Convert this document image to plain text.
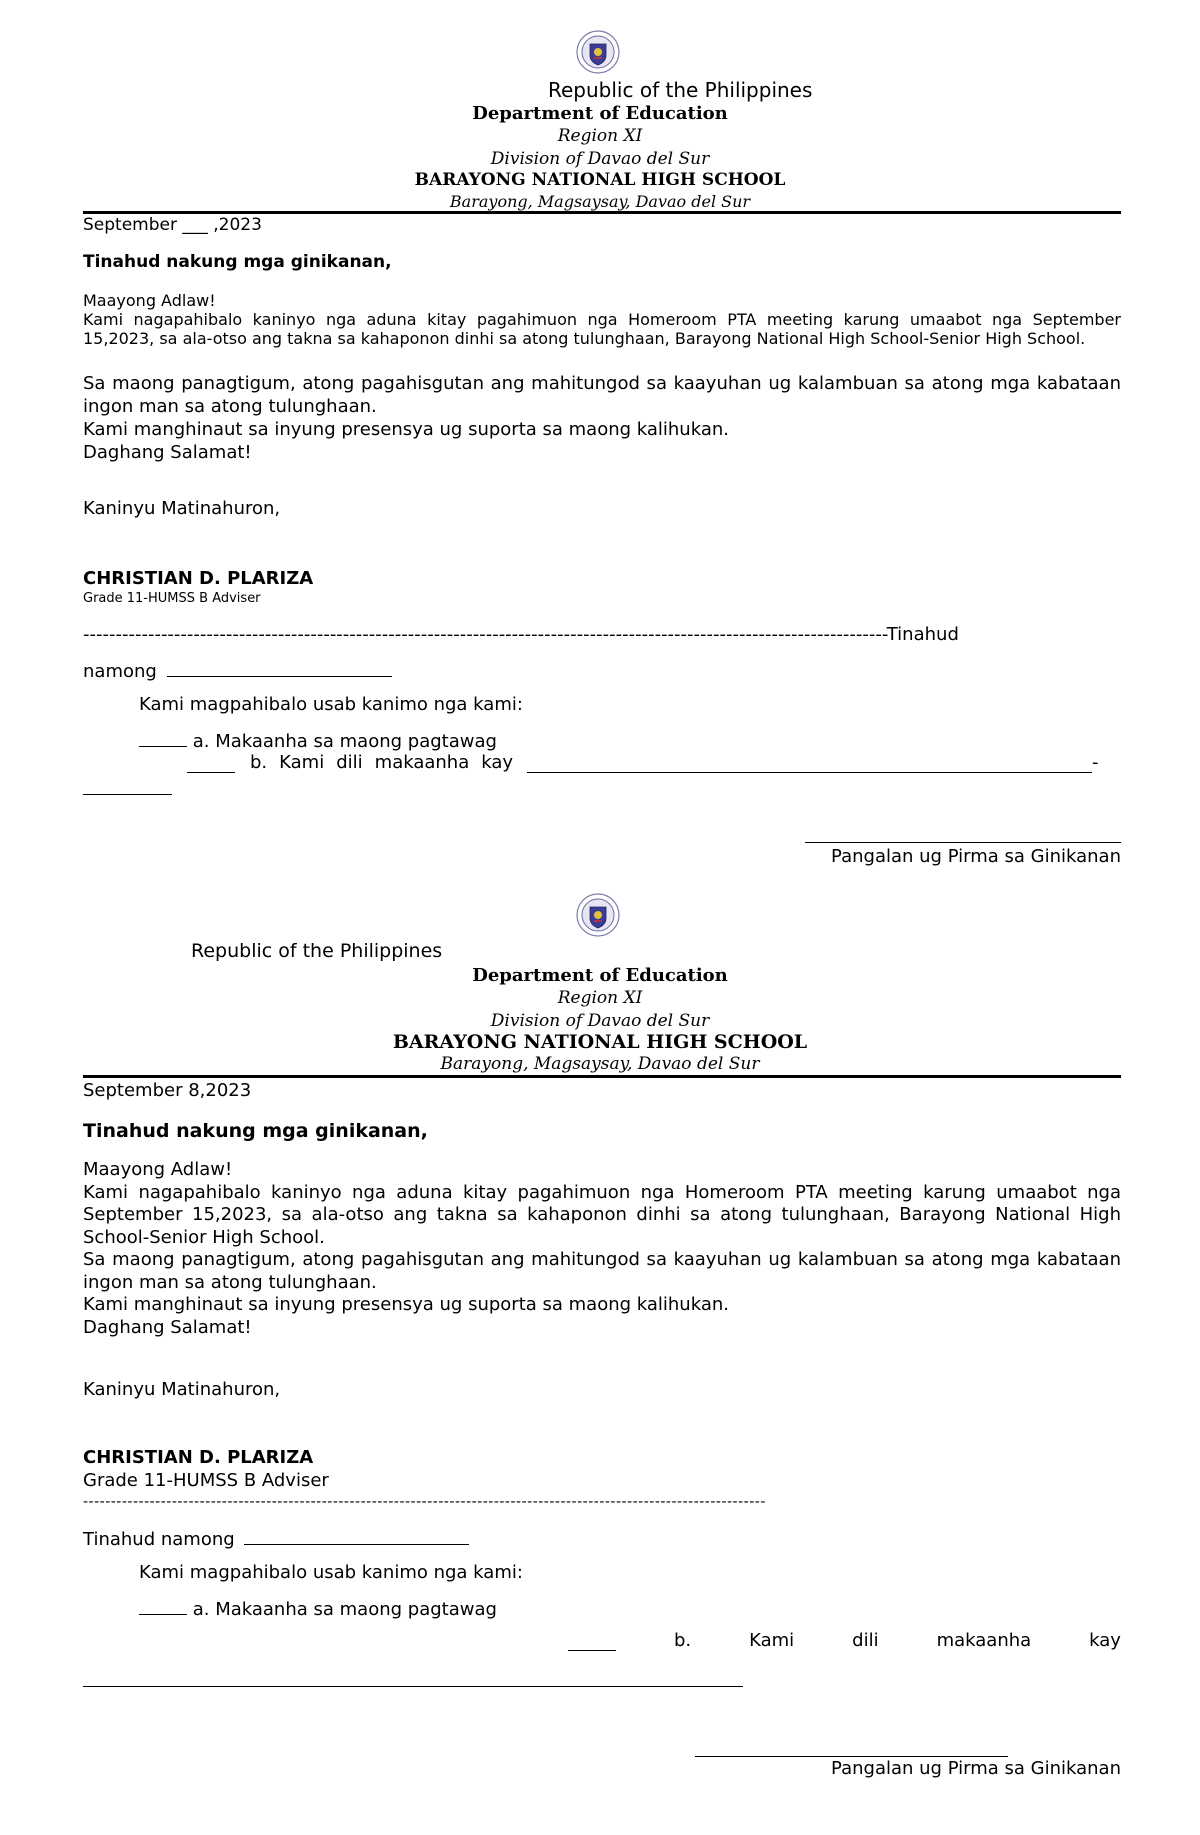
Republic of the Philippines
Department of Education
Region XI
Division of Davao del Sur
BARAYONG NATIONAL HIGH SCHOOL
Barayong, Magsaysay, Davao del Sur
September ___ ,2023
Tinahud nakung mga ginikanan,
Maayong Adlaw!
Kami nagapahibalo kaninyo nga aduna kitay pagahimuon nga Homeroom PTA meeting karung umaabot nga September 15,2023, sa ala-otso ang takna sa kahaponon dinhi sa atong tulunghaan, Barayong National High School-Senior High School.
Sa maong panagtigum, atong pagahisgutan ang mahitungod sa kaayuhan ug kalambuan sa atong mga kabataan ingon man sa atong tulunghaan.
Kami manghinaut sa inyung presensya ug suporta sa maong kalihukan.
Daghang Salamat!
Kaninyu Matinahuron,
CHRISTIAN D. PLARIZA
Grade 11-HUMSS B Adviser
----------------------------------------------------------------------------------------------------------------------------Tinahud
namong
Kami magpahibalo usab kanimo nga kami:
a. Makaanha sa maong pagtawag
b. Kami dili makaanha kay	-
Pangalan ug Pirma sa Ginikanan
Republic of the Philippines
Department of Education
Region XI
Division of Davao del Sur
BARAYONG NATIONAL HIGH SCHOOL
Barayong, Magsaysay, Davao del Sur
September 8,2023
Tinahud nakung mga ginikanan,
Maayong Adlaw!
Kami nagapahibalo kaninyo nga aduna kitay pagahimuon nga Homeroom PTA meeting karung umaabot nga September 15,2023, sa ala-otso ang takna sa kahaponon dinhi sa atong tulunghaan, Barayong National High School-Senior High School.
Sa maong panagtigum, atong pagahisgutan ang mahitungod sa kaayuhan ug kalambuan sa atong mga kabataan ingon man sa atong tulunghaan.
Kami manghinaut sa inyung presensya ug suporta sa maong kalihukan.
Daghang Salamat!
Kaninyu Matinahuron,
CHRISTIAN D. PLARIZA
Grade 11-HUMSS B Adviser
---------------------------------------------------------------------------------------------------------------------------
Tinahud namong
Kami magpahibalo usab kanimo nga kami:
a. Makaanha sa maong pagtawag
b.	Kami	dili	makaanha	kay
Pangalan ug Pirma sa Ginikanan
